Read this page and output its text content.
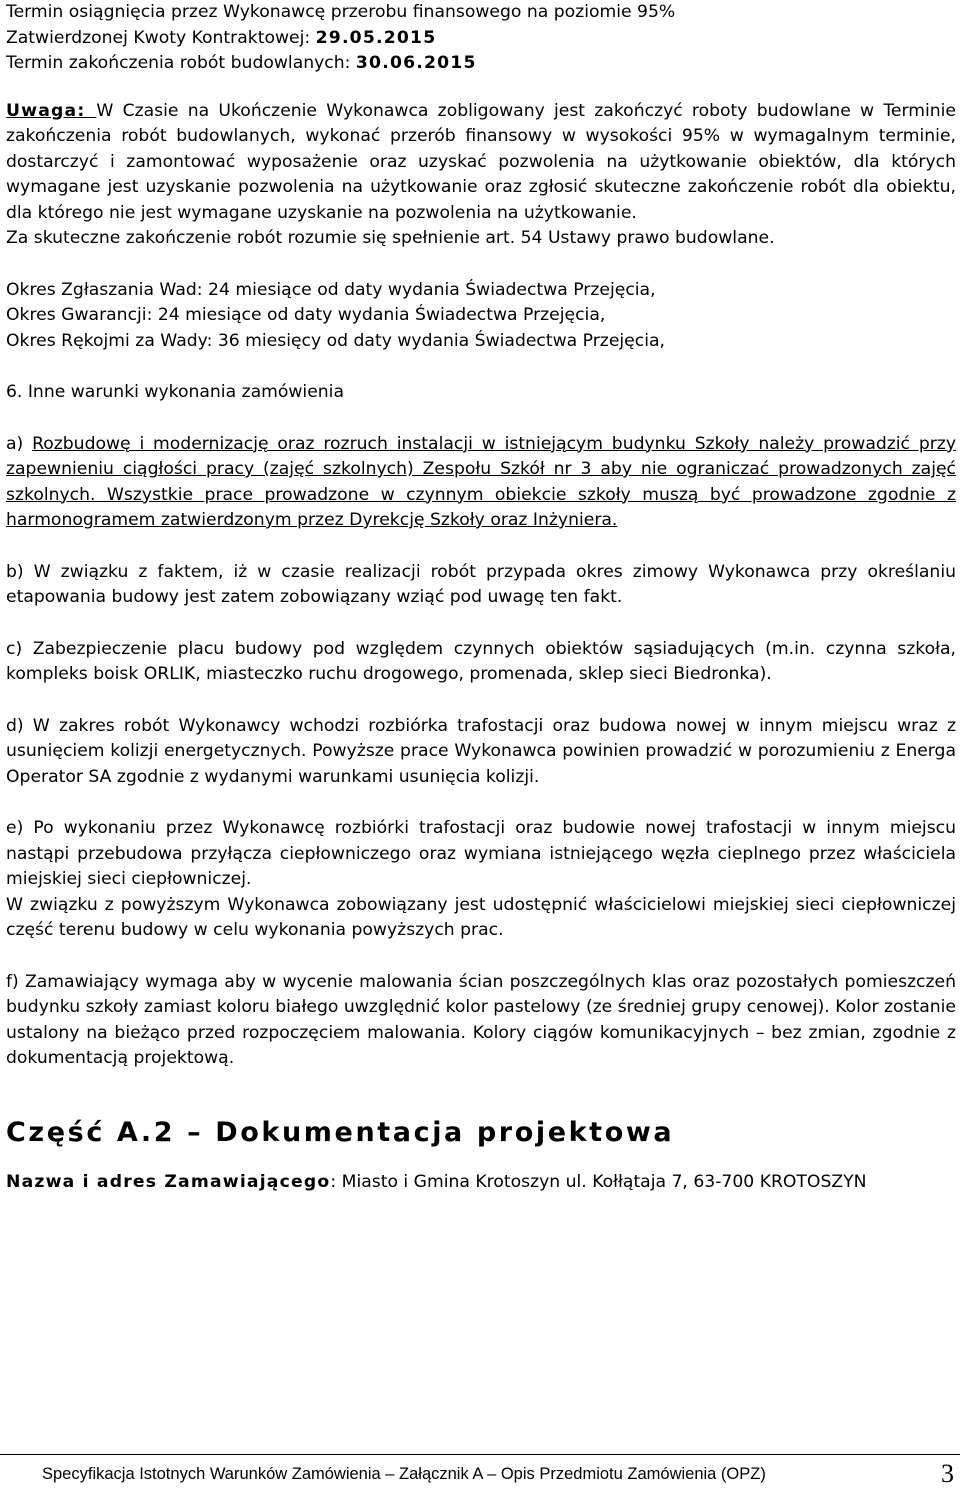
Termin osiągnięcia przez Wykonawcę przerobu finansowego na poziomie 95%

Zatwierdzonej Kwoty Kontraktowej: 29.05.2015

Termin zakończenia robót budowlanych: 30.06.2015

Uwaga: W Czasie na Ukończenie Wykonawca zobligowany jest zakończyć roboty budowlane w Terminie zakończenia robót budowlanych, wykonać przerób finansowy w wysokości 95% w wymagalnym terminie, dostarczyć i zamontować wyposażenie oraz uzyskać pozwolenia na użytkowanie obiektów, dla których wymagane jest uzyskanie pozwolenia na użytkowanie oraz zgłosić skuteczne zakończenie robót dla obiektu, dla którego nie jest wymagane uzyskanie na pozwolenia na użytkowanie.

Za skuteczne zakończenie robót rozumie się spełnienie art. 54 Ustawy prawo budowlane.

Okres Zgłaszania Wad: 24 miesiące od daty wydania Świadectwa Przejęcia,

Okres Gwarancji: 24 miesiące od daty wydania Świadectwa Przejęcia,

Okres Rękojmi za Wady: 36 miesięcy od daty wydania Świadectwa Przejęcia,

6. Inne warunki wykonania zamówienia

a) Rozbudowę i modernizację oraz rozruch instalacji w istniejącym budynku Szkoły należy prowadzić przy zapewnieniu ciągłości pracy (zajęć szkolnych) Zespołu Szkół nr 3 aby nie ograniczać prowadzonych zajęć szkolnych. Wszystkie prace prowadzone w czynnym obiekcie szkoły muszą być prowadzone zgodnie z harmonogramem zatwierdzonym przez Dyrekcję Szkoły oraz Inżyniera.

b) W związku z faktem, iż w czasie realizacji robót przypada okres zimowy Wykonawca przy określaniu etapowania budowy jest zatem zobowiązany wziąć pod uwagę ten fakt.

c) Zabezpieczenie placu budowy pod względem czynnych obiektów sąsiadujących (m.in. czynna szkoła, kompleks boisk ORLIK, miasteczko ruchu drogowego, promenada, sklep sieci Biedronka).

d) W zakres robót Wykonawcy wchodzi rozbiórka trafostacji oraz budowa nowej w innym miejscu wraz z usunięciem kolizji energetycznych. Powyższe prace Wykonawca powinien prowadzić w porozumieniu z Energa Operator SA zgodnie z wydanymi warunkami usunięcia kolizji.

e) Po wykonaniu przez Wykonawcę rozbiórki trafostacji oraz budowie nowej trafostacji w innym miejscu nastąpi przebudowa przyłącza ciepłowniczego oraz wymiana istniejącego węzła cieplnego przez właściciela miejskiej sieci ciepłowniczej.

W związku z powyższym Wykonawca zobowiązany jest udostępnić właścicielowi miejskiej sieci ciepłowniczej część terenu budowy w celu wykonania powyższych prac.

f) Zamawiający wymaga aby w wycenie malowania ścian poszczególnych klas oraz pozostałych pomieszczeń budynku szkoły zamiast koloru białego uwzględnić kolor pastelowy (ze średniej grupy cenowej). Kolor zostanie ustalony na bieżąco przed rozpoczęciem malowania. Kolory ciągów komunikacyjnych – bez zmian, zgodnie z dokumentacją projektową.

Część A.2 – Dokumentacja projektowa

Nazwa i adres Zamawiającego: Miasto i Gmina Krotoszyn ul. Kołłątaja 7, 63-700 KROTOSZYN

Specyfikacja Istotnych Warunków Zamówienia – Załącznik A – Opis Przedmiotu Zamówienia (OPZ)	3
